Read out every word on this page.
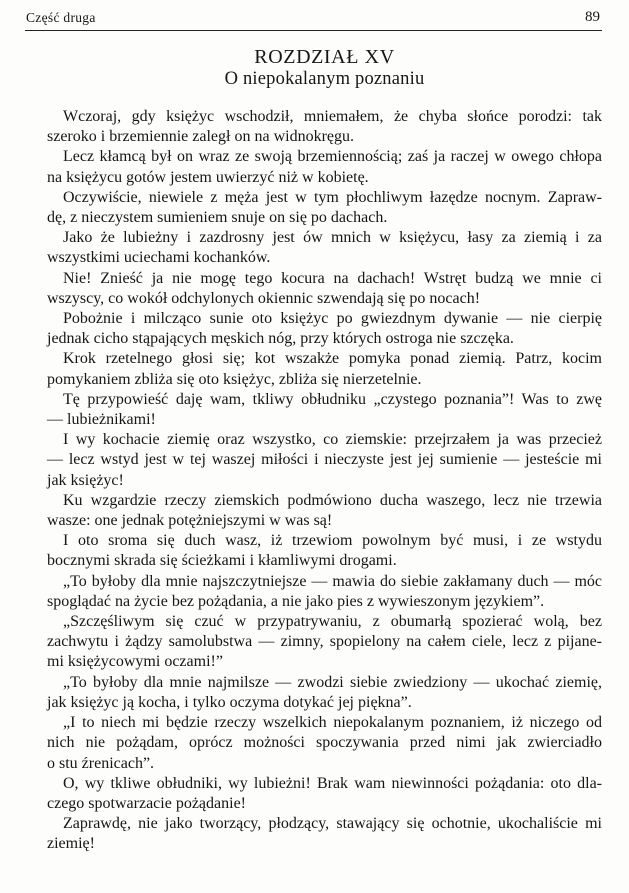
Część druga	89
ROZDZIAŁ XV
O niepokalanym poznaniu
Wczoraj, gdy księżyc wschodził, mniemałem, że chyba słońce porodzi: tak
szeroko i brzemiennie zaległ on na widnokręgu.
Lecz kłamcą był on wraz ze swoją brzemiennością; zaś ja raczej w owego chłopa
na księżycu gotów jestem uwierzyć niż w kobietę.
Oczywiście, niewiele z męża jest w tym płochliwym łazędze nocnym. Zapraw-
dę, z nieczystem sumieniem snuje on się po dachach.
Jako że lubieżny i zazdrosny jest ów mnich w księżycu, łasy za ziemią i za
wszystkimi uciechami kochanków.
Nie! Znieść ja nie mogę tego kocura na dachach! Wstręt budzą we mnie ci
wszyscy, co wokół odchylonych okiennic szwendają się po nocach!
Pobożnie i milcząco sunie oto księżyc po gwiezdnym dywanie — nie cierpię
jednak cicho stąpających męskich nóg, przy których ostroga nie szczęka.
Krok rzetelnego głosi się; kot wszakże pomyka ponad ziemią. Patrz, kocim
pomykaniem zbliża się oto księżyc, zbliża się nierzetelnie.
Tę przypowieść daję wam, tkliwy obłudniku „czystego poznania”! Was to zwę
— lubieżnikami!
I wy kochacie ziemię oraz wszystko, co ziemskie: przejrzałem ja was przecież
— lecz wstyd jest w tej waszej miłości i nieczyste jest jej sumienie — jesteście mi
jak księżyc!
Ku wzgardzie rzeczy ziemskich podmówiono ducha waszego, lecz nie trzewia
wasze: one jednak potężniejszymi w was są!
I oto sroma się duch wasz, iż trzewiom powolnym być musi, i ze wstydu
bocznymi skrada się ścieżkami i kłamliwymi drogami.
„To byłoby dla mnie najszczytniejsze — mawia do siebie zakłamany duch — móc
spoglądać na życie bez pożądania, a nie jako pies z wywieszonym językiem”.
„Szczęśliwym się czuć w przypatrywaniu, z obumarłą spozierać wolą, bez
zachwytu i żądzy samolubstwa — zimny, spopielony na całem ciele, lecz z pijane-
mi księżycowymi oczami!”
„To byłoby dla mnie najmilsze — zwodzi siebie zwiedziony — ukochać ziemię,
jak księżyc ją kocha, i tylko oczyma dotykać jej piękna”.
„I to niech mi będzie rzeczy wszelkich niepokalanym poznaniem, iż niczego od
nich nie pożądam, oprócz możności spoczywania przed nimi jak zwierciadło
o stu źrenicach”.
O, wy tkliwe obłudniki, wy lubieżni! Brak wam niewinności pożądania: oto dla-
czego spotwarzacie pożądanie!
Zaprawdę, nie jako tworzący, płodzący, stawający się ochotnie, ukochaliście mi
ziemię!
